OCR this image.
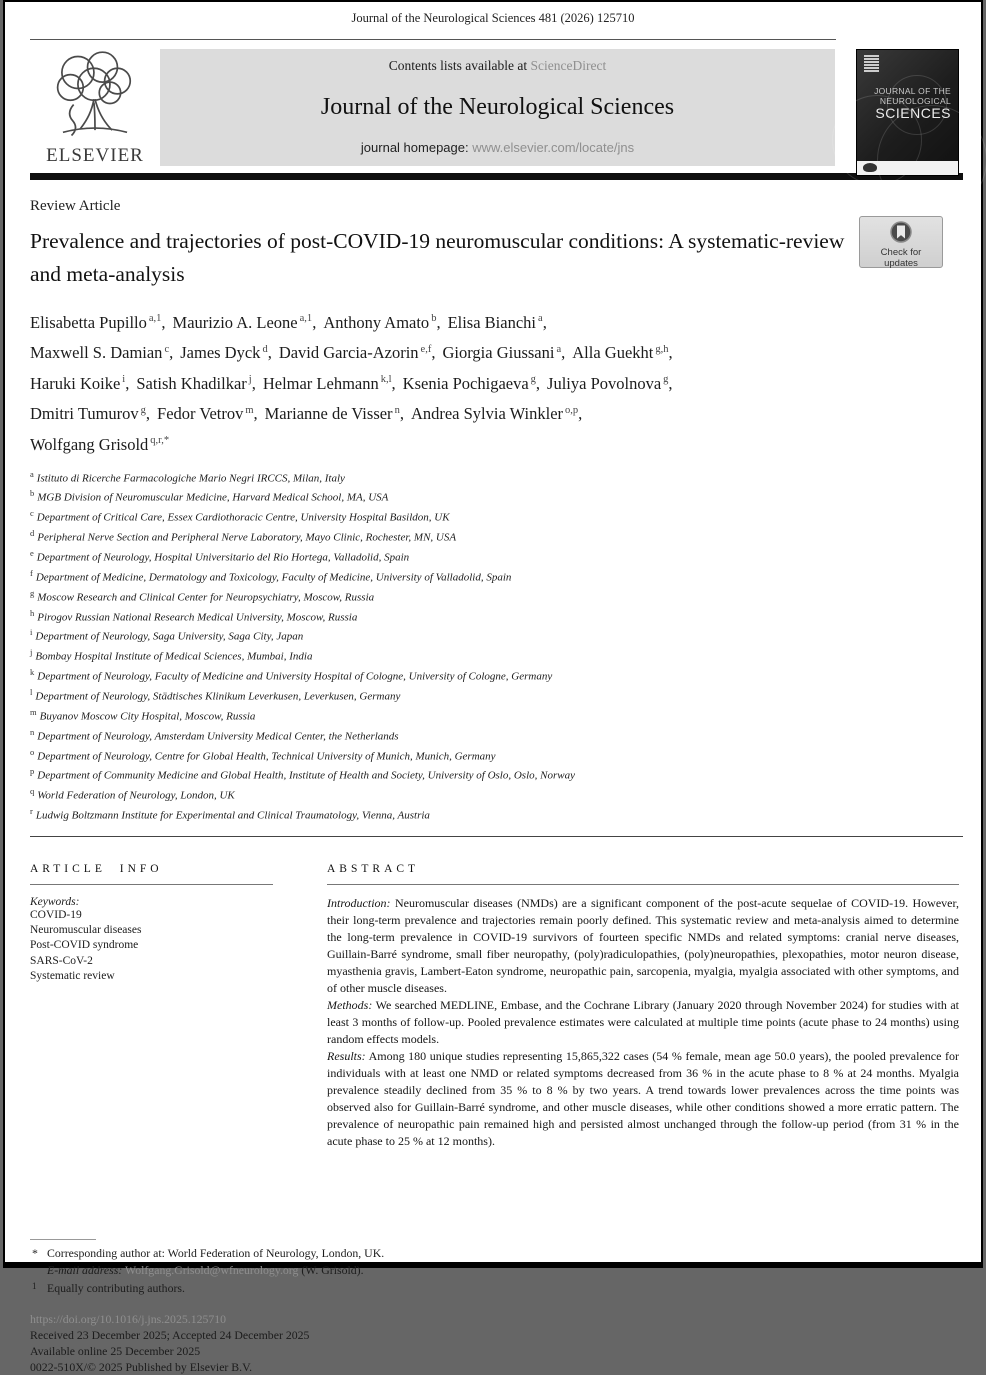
Journal of the Neurological Sciences 481 (2026) 125710
ELSEVIER
Contents lists available at ScienceDirect
Journal of the Neurological Sciences
journal homepage: www.elsevier.com/locate/jns
JOURNAL OF THE
NEUROLOGICAL
SCIENCES
Review Article
Prevalence and trajectories of post-COVID-19 neuromuscular conditions: A systematic-review and meta-analysis
Check for
updates
Elisabetta Pupillo $^{a,1}$, Maurizio A. Leone $^{a,1}$, Anthony Amato $^b$, Elisa Bianchi $^a$,
Maxwell S. Damian $^c$, James Dyck $^d$, David Garcia-Azorin $^{e,f}$, Giorgia Giussani $^a$, Alla Guekht $^{g,h}$,
Haruki Koike $^i$, Satish Khadilkar $^j$, Helmar Lehmann $^{k,l}$, Ksenia Pochigaeva $^g$, Juliya Povolnova $^g$,
Dmitri Tumurov $^g$, Fedor Vetrov $^m$, Marianne de Visser $^n$, Andrea Sylvia Winkler $^{o,p}$,
Wolfgang Grisold $^{q,r,*}$
$^a$ Istituto di Ricerche Farmacologiche Mario Negri IRCCS, Milan, Italy
$^b$ MGB Division of Neuromuscular Medicine, Harvard Medical School, MA, USA
$^c$ Department of Critical Care, Essex Cardiothoracic Centre, University Hospital Basildon, UK
$^d$ Peripheral Nerve Section and Peripheral Nerve Laboratory, Mayo Clinic, Rochester, MN, USA
$^e$ Department of Neurology, Hospital Universitario del Rio Hortega, Valladolid, Spain
$^f$ Department of Medicine, Dermatology and Toxicology, Faculty of Medicine, University of Valladolid, Spain
$^g$ Moscow Research and Clinical Center for Neuropsychiatry, Moscow, Russia
$^h$ Pirogov Russian National Research Medical University, Moscow, Russia
$^i$ Department of Neurology, Saga University, Saga City, Japan
$^j$ Bombay Hospital Institute of Medical Sciences, Mumbai, India
$^k$ Department of Neurology, Faculty of Medicine and University Hospital of Cologne, University of Cologne, Germany
$^l$ Department of Neurology, Städtisches Klinikum Leverkusen, Leverkusen, Germany
$^m$ Buyanov Moscow City Hospital, Moscow, Russia
$^n$ Department of Neurology, Amsterdam University Medical Center, the Netherlands
$^o$ Department of Neurology, Centre for Global Health, Technical University of Munich, Munich, Germany
$^p$ Department of Community Medicine and Global Health, Institute of Health and Society, University of Oslo, Oslo, Norway
$^q$ World Federation of Neurology, London, UK
$^r$ Ludwig Boltzmann Institute for Experimental and Clinical Traumatology, Vienna, Austria
ARTICLE INFO
Keywords:
COVID-19
Neuromuscular diseases
Post-COVID syndrome
SARS-CoV-2
Systematic review
ABSTRACT

Introduction: Neuromuscular diseases (NMDs) are a significant component of the post-acute sequelae of COVID-19. However, their long-term prevalence and trajectories remain poorly defined. This systematic review and meta-analysis aimed to determine the long-term prevalence in COVID-19 survivors of fourteen specific NMDs and related symptoms: cranial nerve diseases, Guillain-Barré syndrome, small fiber neuropathy, (poly)radiculopathies, (poly)neuropathies, plexopathies, motor neuron disease, myasthenia gravis, Lambert-Eaton syndrome, neuropathic pain, sarcopenia, myalgia, myalgia associated with other symptoms, and of other muscle diseases.

Methods: We searched MEDLINE, Embase, and the Cochrane Library (January 2020 through November 2024) for studies with at least 3 months of follow-up. Pooled prevalence estimates were calculated at multiple time points (acute phase to 24 months) using random effects models.

Results: Among 180 unique studies representing 15,865,322 cases (54 % female, mean age 50.0 years), the pooled prevalence for individuals with at least one NMD or related symptoms decreased from 36 % in the acute phase to 8 % at 24 months. Myalgia prevalence steadily declined from 35 % to 8 % by two years. A trend towards lower prevalences across the time points was observed also for Guillain-Barré syndrome, and other muscle diseases, while other conditions showed a more erratic pattern. The prevalence of neuropathic pain remained high and persisted almost unchanged through the follow-up period (from 31 % in the acute phase to 25 % at 12 months).

* Corresponding author at: World Federation of Neurology, London, UK.
E-mail address: Wolfgang.Grisold@wfneurology.org (W. Grisold).
1 Equally contributing authors.
https://doi.org/10.1016/j.jns.2025.125710
Received 23 December 2025; Accepted 24 December 2025
Available online 25 December 2025
0022-510X/© 2025 Published by Elsevier B.V.
